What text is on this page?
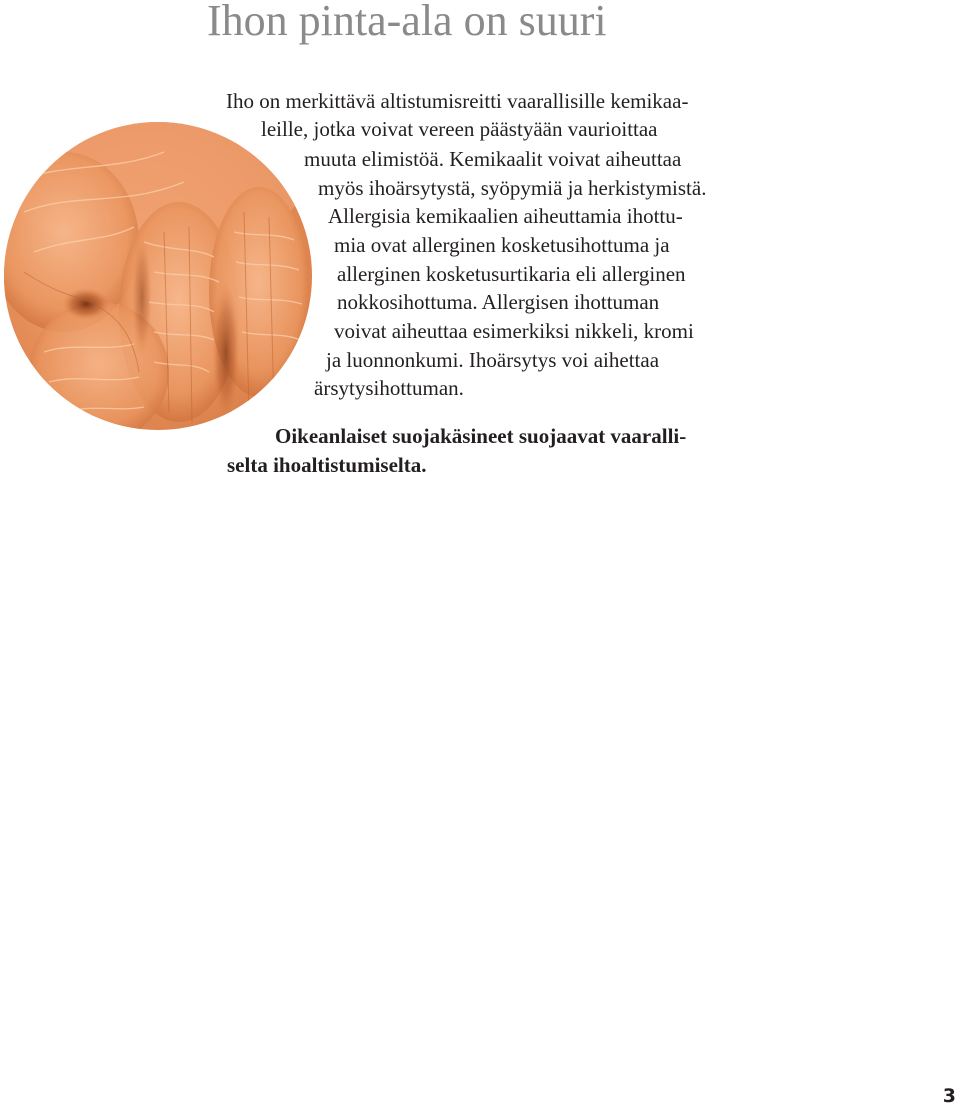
Ihon pinta-ala on suuri

Iho on merkittävä altistumisreitti vaarallisille kemikaa-

leille, jotka voivat vereen päästyään vaurioittaa

muuta elimistöä. Kemikaalit voivat aiheuttaa

myös ihoärsytystä, syöpymiä ja herkistymistä.

Allergisia kemikaalien aiheuttamia ihottu-

mia ovat allerginen kosketusihottuma ja

allerginen kosketusurtikaria eli allerginen

nokkosihottuma. Allergisen ihottuman

voivat aiheuttaa esimerkiksi nikkeli, kromi

ja luonnonkumi. Ihoärsytys voi aihettaa

ärsytysihottuman.

Oikeanlaiset suojakäsineet suojaavat vaaralli-

selta ihoaltistumiselta.

3
